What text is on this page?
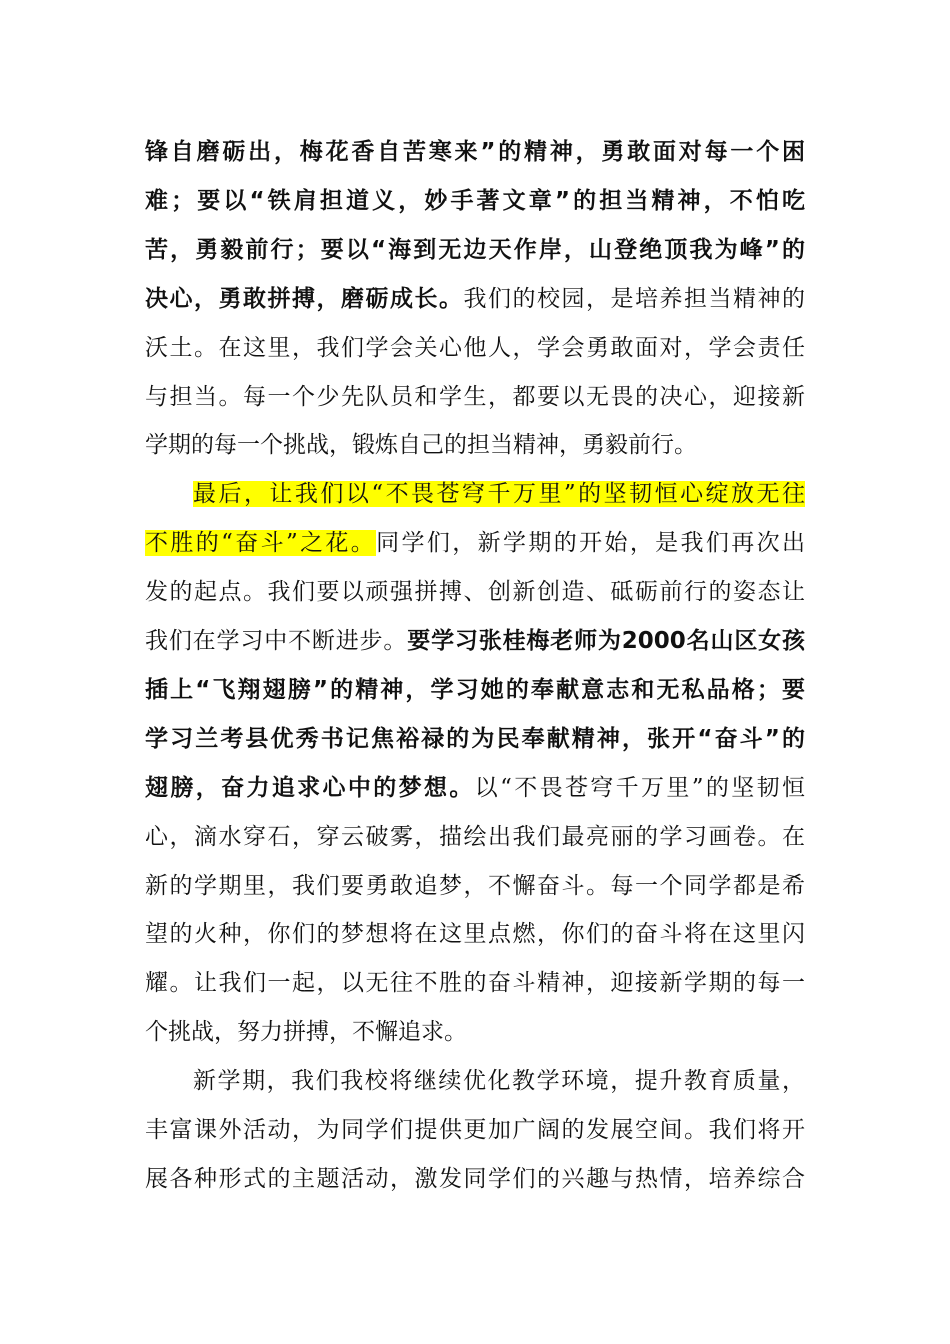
锋自磨砺出，梅花香自苦寒来”的精神，勇敢面对每一个困
难；要以“铁肩担道义，妙手著文章”的担当精神，不怕吃
苦，勇毅前行；要以“海到无边天作岸，山登绝顶我为峰”的
决心，勇敢拼搏，磨砺成长。我们的校园，是培养担当精神的
沃土。在这里，我们学会关心他人，学会勇敢面对，学会责任
与担当。每一个少先队员和学生，都要以无畏的决心，迎接新
学期的每一个挑战，锻炼自己的担当精神，勇毅前行。
最后，让我们以“不畏苍穹千万里”的坚韧恒心绽放无往
不胜的“奋斗”之花。同学们，新学期的开始，是我们再次出
发的起点。我们要以顽强拼搏、创新创造、砥砺前行的姿态让
我们在学习中不断进步。要学习张桂梅老师为2000名山区女孩
插上“飞翔翅膀”的精神，学习她的奉献意志和无私品格；要
学习兰考县优秀书记焦裕禄的为民奉献精神，张开“奋斗”的
翅膀，奋力追求心中的梦想。以“不畏苍穹千万里”的坚韧恒
心，滴水穿石，穿云破雾，描绘出我们最亮丽的学习画卷。在
新的学期里，我们要勇敢追梦，不懈奋斗。每一个同学都是希
望的火种，你们的梦想将在这里点燃，你们的奋斗将在这里闪
耀。让我们一起，以无往不胜的奋斗精神，迎接新学期的每一
个挑战，努力拼搏，不懈追求。
新学期，我们我校将继续优化教学环境，提升教育质量，
丰富课外活动，为同学们提供更加广阔的发展空间。我们将开
展各种形式的主题活动，激发同学们的兴趣与热情，培养综合
